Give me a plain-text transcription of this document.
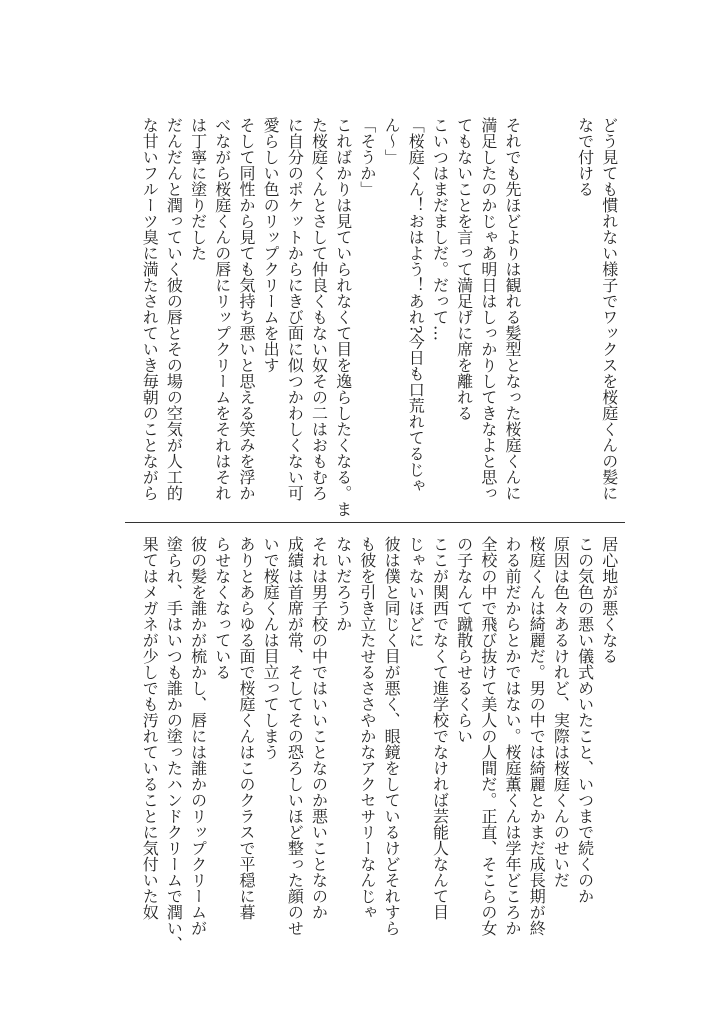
どう見ても慣れない様子でワックスを桜庭くんの髪に
なで付ける
それでも先ほどよりは観れる髪型となった桜庭くんに
満足したのかじゃあ明日はしっかりしてきなよと思っ
てもないことを言って満足げに席を離れる
こいつはまだましだ。だって…
「桜庭くん！おはよう！あれ?今日も口荒れてるじゃ
ん〜」
「そうか」
こればかりは見ていられなくて目を逸らしたくなる。ま
た桜庭くんとさして仲良くもない奴その二はおもむろ
に自分のポケットからにきび面に似つかわしくない可
愛らしい色のリップクリームを出す
そして同性から見ても気持ち悪いと思える笑みを浮か
べながら桜庭くんの唇にリップクリームをそれはそれ
は丁寧に塗りだした
だんだんと潤っていく彼の唇とその場の空気が人工的
な甘いフルーツ臭に満たされていき毎朝のことながら
居心地が悪くなる
この気色の悪い儀式めいたこと、いつまで続くのか
原因は色々あるけれど、実際は桜庭くんのせいだ
桜庭くんは綺麗だ。男の中では綺麗とかまだ成長期が終
わる前だからとかではない。桜庭薫くんは学年どころか
全校の中で飛び抜けて美人の人間だ。正直、そこらの女
の子なんて蹴散らせるくらい
ここが関西でなくて進学校でなければ芸能人なんて目
じゃないほどに
彼は僕と同じく目が悪く、眼鏡をしているけどそれすら
も彼を引き立たせるささやかなアクセサリーなんじゃ
ないだろうか
それは男子校の中ではいいことなのか悪いことなのか
成績は首席が常、そしてその恐ろしいほど整った顔のせ
いで桜庭くんは目立ってしまう
ありとあらゆる面で桜庭くんはこのクラスで平穏に暮
らせなくなっている
彼の髪を誰かが梳かし、唇には誰かのリップクリームが
塗られ、手はいつも誰かの塗ったハンドクリームで潤い、
果てはメガネが少しでも汚れていることに気付いた奴
